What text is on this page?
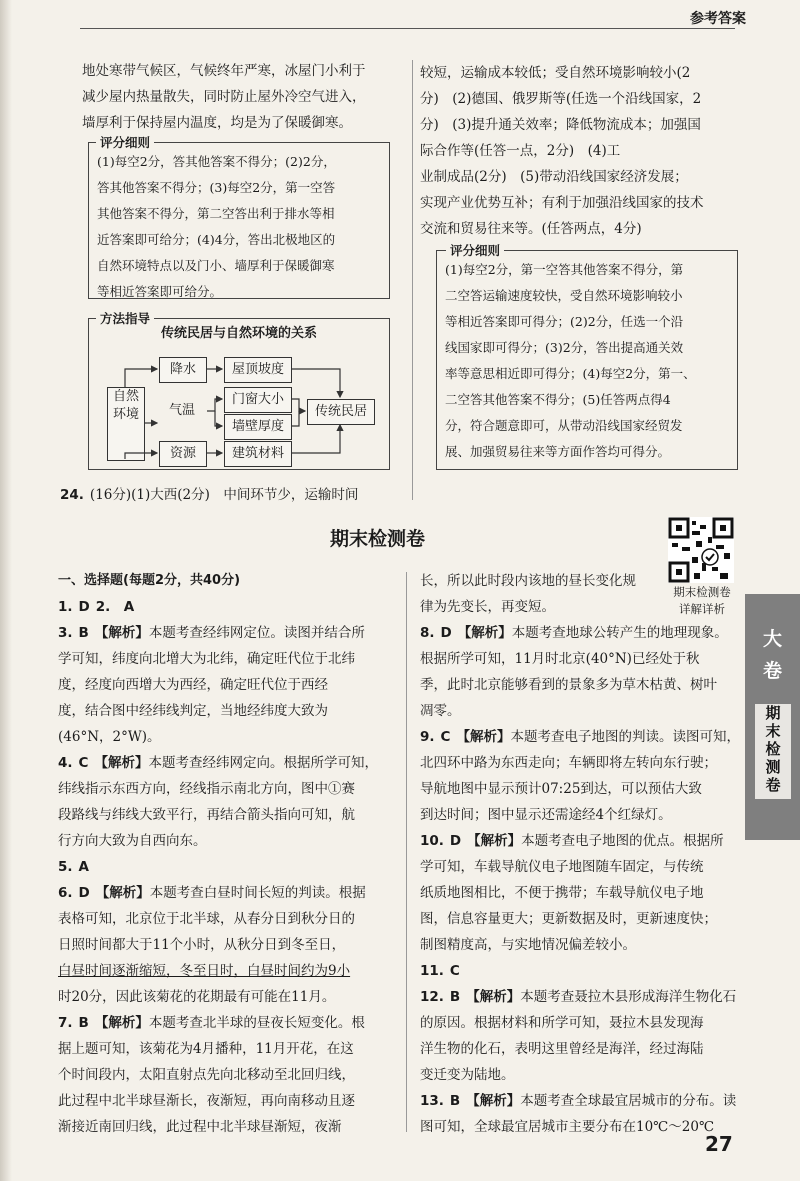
参考答案

地处寒带气候区，气候终年严寒，冰屋门小利于

减少屋内热量散失，同时防止屋外冷空气进入，

墙厚利于保持屋内温度，均是为了保暖御寒。

(1)每空2分，答其他答案不得分；(2)2分，
答其他答案不得分；(3)每空2分，第一空答
其他答案不得分，第二空答出利于排水等相
近答案即可给分；(4)4分，答出北极地区的
自然环境特点以及门小、墙厚利于保暖御寒
等相近答案即可给分。
评分细则
传统民居与自然环境的关系
自然环境
降水
气温
资源
屋顶坡度
门窗大小
墙壁厚度
建筑材料
传统民居
方法指导
24. (16分)(1)大西(2分)　中间环节少，运输时间

较短，运输成本较低；受自然环境影响较小(2

分)　(2)德国、俄罗斯等(任选一个沿线国家，2

分)　(3)提升通关效率；降低物流成本；加强国

际合作等(任答一点，2分)　(4)工

业制成品(2分)　(5)带动沿线国家经济发展；

实现产业优势互补；有利于加强沿线国家的技术

交流和贸易往来等。(任答两点，4分)

(1)每空2分，第一空答其他答案不得分，第
二空答运输速度较快，受自然环境影响较小
等相近答案即可得分；(2)2分，任选一个沿
线国家即可得分；(3)2分，答出提高通关效
率等意思相近即可得分；(4)每空2分，第一、
二空答其他答案不得分；(5)任答两点得4
分，符合题意即可，从带动沿线国家经贸发
展、加强贸易往来等方面作答均可得分。
评分细则
期末检测卷
期末检测卷
详解详析
大
卷
期
末
检
测
卷
一、选择题(每题2分，共40分)
1. D 2.　A
3. B 【解析】本题考查经纬网定位。读图并结合所
学可知，纬度向北增大为北纬，确定旺代位于北纬
度，经度向西增大为西经，确定旺代位于西经
度，结合图中经纬线判定，当地经纬度大致为
(46°N，2°W)。
4. C 【解析】本题考查经纬网定向。根据所学可知，
纬线指示东西方向，经线指示南北方向，图中①赛
段路线与纬线大致平行，再结合箭头指向可知，航
行方向大致为自西向东。
5. A
6. D 【解析】本题考查白昼时间长短的判读。根据
表格可知，北京位于北半球，从春分日到秋分日的
日照时间都大于11个小时，从秋分日到冬至日，
白昼时间逐渐缩短，冬至日时，白昼时间约为9小
时20分，因此该菊花的花期最有可能在11月。
7. B 【解析】本题考查北半球的昼夜长短变化。根
据上题可知，该菊花为4月播种，11月开花，在这
个时间段内，太阳直射点先向北移动至北回归线，
此过程中北半球昼渐长，夜渐短，再向南移动且逐
渐接近南回归线，此过程中北半球昼渐短，夜渐
长，所以此时段内该地的昼长变化规
律为先变长，再变短。
8. D 【解析】本题考查地球公转产生的地理现象。
根据所学可知，11月时北京(40°N)已经处于秋
季，此时北京能够看到的景象多为草木枯黄、树叶
凋零。
9. C 【解析】本题考查电子地图的判读。读图可知，
北四环中路为东西走向；车辆即将左转向东行驶；
导航地图中显示预计07:25到达，可以预估大致
到达时间；图中显示还需途经4个红绿灯。
10. D 【解析】本题考查电子地图的优点。根据所
学可知，车载导航仪电子地图随车固定，与传统
纸质地图相比，不便于携带；车载导航仪电子地
图，信息容量更大；更新数据及时，更新速度快；
制图精度高，与实地情况偏差较小。
11. C
12. B 【解析】本题考查聂拉木县形成海洋生物化石
的原因。根据材料和所学可知，聂拉木县发现海
洋生物的化石，表明这里曾经是海洋，经过海陆
变迁变为陆地。
13. B 【解析】本题考查全球最宜居城市的分布。读
图可知，全球最宜居城市主要分布在10℃～20℃
27
